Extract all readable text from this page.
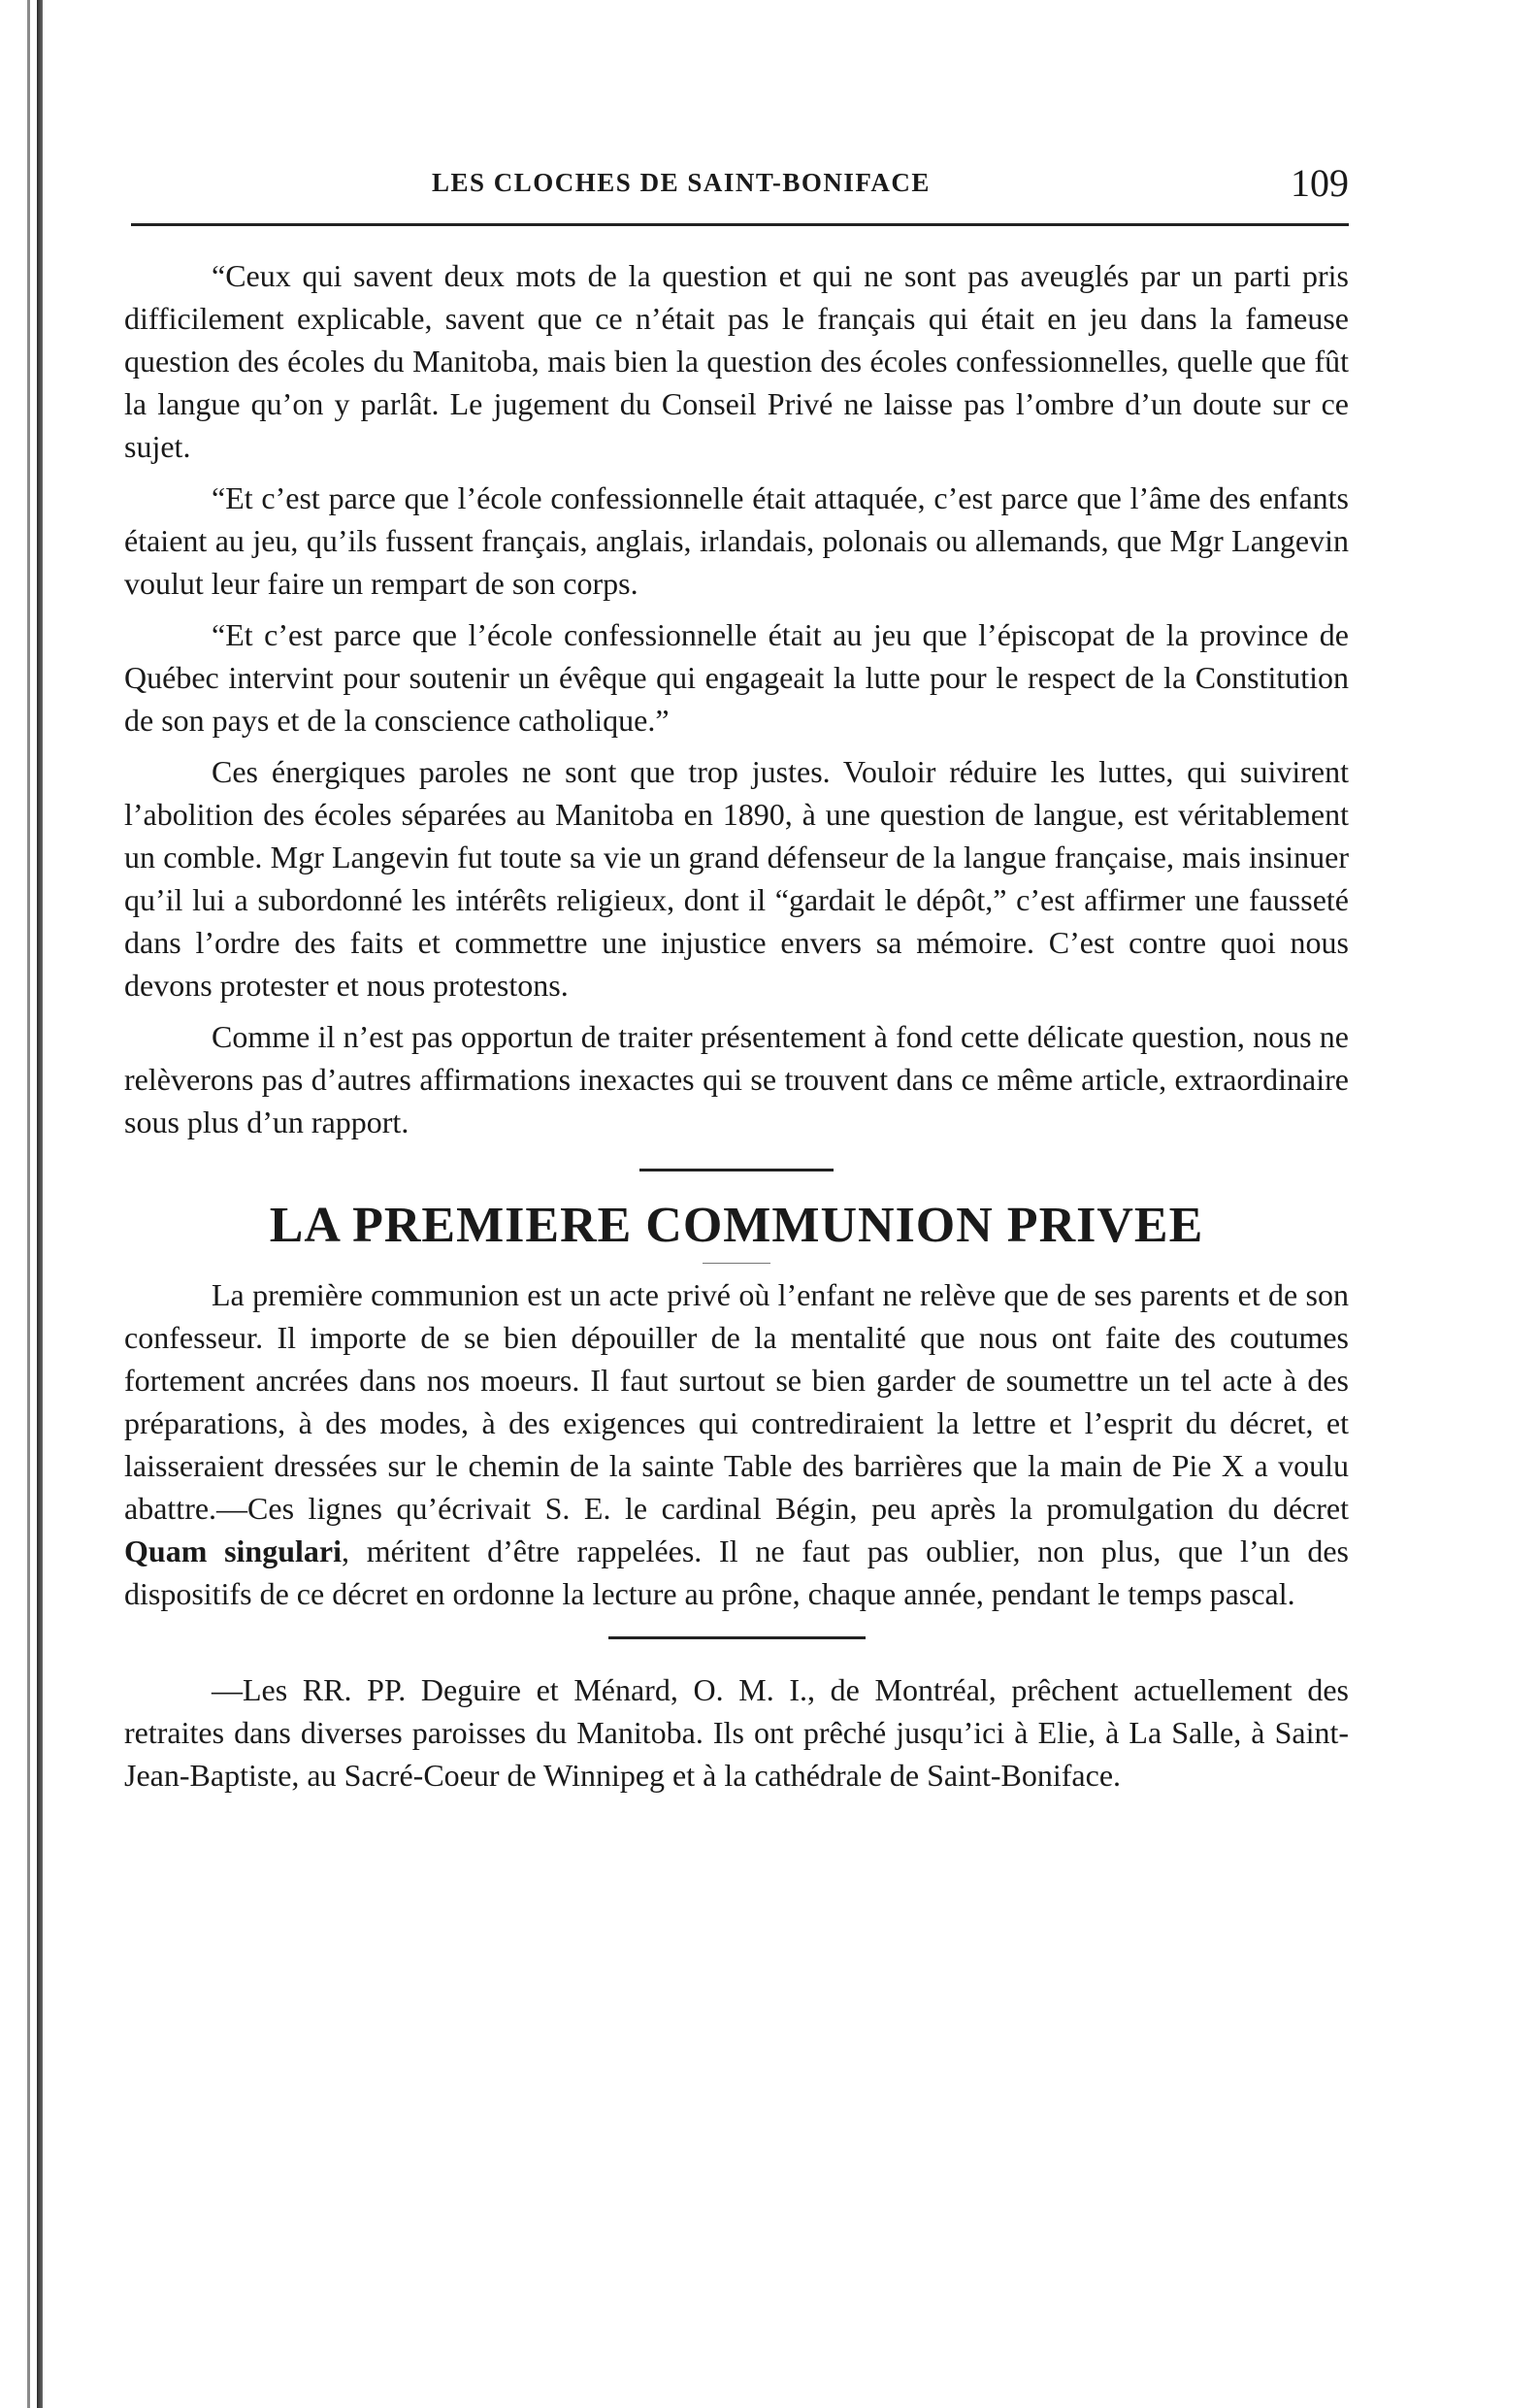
LES CLOCHES DE SAINT-BONIFACE	109

“Ceux qui savent deux mots de la question et qui ne sont pas aveuglés par un parti pris difficilement explicable, savent que ce n’était pas le français qui était en jeu dans la fameuse question des écoles du Manitoba, mais bien la question des écoles confessionnelles, quelle que fût la langue qu’on y parlât. Le jugement du Conseil Privé ne laisse pas l’ombre d’un doute sur ce sujet.

“Et c’est parce que l’école confessionnelle était attaquée, c’est parce que l’âme des enfants étaient au jeu, qu’ils fussent français, anglais, irlandais, polonais ou allemands, que Mgr Langevin voulut leur faire un rempart de son corps.

“Et c’est parce que l’école confessionnelle était au jeu que l’épiscopat de la province de Québec intervint pour soutenir un évêque qui engageait la lutte pour le respect de la Constitution de son pays et de la conscience catholique.”

Ces énergiques paroles ne sont que trop justes. Vouloir réduire les luttes, qui suivirent l’abolition des écoles séparées au Manitoba en 1890, à une question de langue, est véritablement un comble. Mgr Langevin fut toute sa vie un grand défenseur de la langue française, mais insinuer qu’il lui a subordonné les intérêts religieux, dont il “gardait le dépôt,” c’est affirmer une fausseté dans l’ordre des faits et commettre une injustice envers sa mémoire. C’est contre quoi nous devons protester et nous protestons.

Comme il n’est pas opportun de traiter présentement à fond cette délicate question, nous ne relèverons pas d’autres affirmations inexactes qui se trouvent dans ce même article, extraordinaire sous plus d’un rapport.

LA PREMIERE COMMUNION PRIVEE

La première communion est un acte privé où l’enfant ne relève que de ses parents et de son confesseur. Il importe de se bien dépouiller de la mentalité que nous ont faite des coutumes fortement ancrées dans nos moeurs. Il faut surtout se bien garder de soumettre un tel acte à des préparations, à des modes, à des exigences qui contrediraient la lettre et l’esprit du décret, et laisseraient dressées sur le chemin de la sainte Table des barrières que la main de Pie X a voulu abattre.—Ces lignes qu’écrivait S. E. le cardinal Bégin, peu après la promulgation du décret Quam singulari, méritent d’être rappelées. Il ne faut pas oublier, non plus, que l’un des dispositifs de ce décret en ordonne la lecture au prône, chaque année, pendant le temps pascal.

—Les RR. PP. Deguire et Ménard, O. M. I., de Montréal, prêchent actuellement des retraites dans diverses paroisses du Manitoba. Ils ont prêché jusqu’ici à Elie, à La Salle, à Saint-Jean-Baptiste, au Sacré-Coeur de Winnipeg et à la cathédrale de Saint-Boniface.
